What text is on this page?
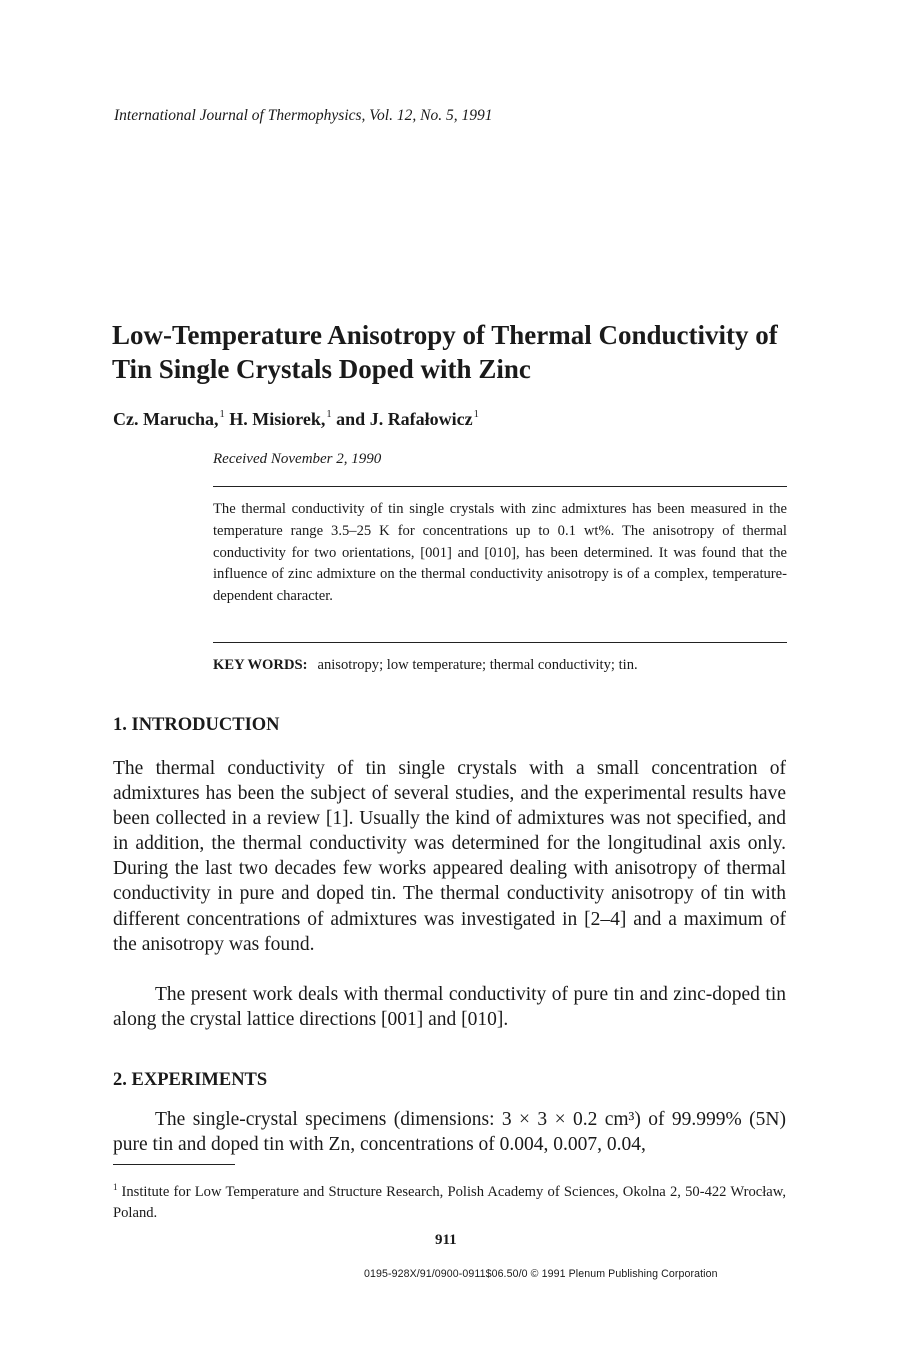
International Journal of Thermophysics, Vol. 12, No. 5, 1991
Low-Temperature Anisotropy of Thermal Conductivity of Tin Single Crystals Doped with Zinc
Cz. Marucha,$^1$ H. Misiorek,$^1$ and J. Rafałowicz$^1$
Received November 2, 1990
The thermal conductivity of tin single crystals with zinc admixtures has been measured in the temperature range 3.5–25 K for concentrations up to 0.1 wt%. The anisotropy of thermal conductivity for two orientations, [001] and [010], has been determined. It was found that the influence of zinc admixture on the thermal conductivity anisotropy is of a complex, temperature-dependent character.
KEY WORDS: anisotropy; low temperature; thermal conductivity; tin.
1. INTRODUCTION
The thermal conductivity of tin single crystals with a small concentration of admixtures has been the subject of several studies, and the experimental results have been collected in a review [1]. Usually the kind of admixtures was not specified, and in addition, the thermal conductivity was determined for the longitudinal axis only. During the last two decades few works appeared dealing with anisotropy of thermal conductivity in pure and doped tin. The thermal conductivity anisotropy of tin with different concentrations of admixtures was investigated in [2–4] and a maximum of the anisotropy was found.
The present work deals with thermal conductivity of pure tin and zinc-doped tin along the crystal lattice directions [001] and [010].
2. EXPERIMENTS
The single-crystal specimens (dimensions: 3 × 3 × 0.2 cm³) of 99.999% (5N) pure tin and doped tin with Zn, concentrations of 0.004, 0.007, 0.04,
$^1$ Institute for Low Temperature and Structure Research, Polish Academy of Sciences, Okolna 2, 50-422 Wrocław, Poland.
911
0195-928X/91/0900-0911$06.50/0 © 1991 Plenum Publishing Corporation
